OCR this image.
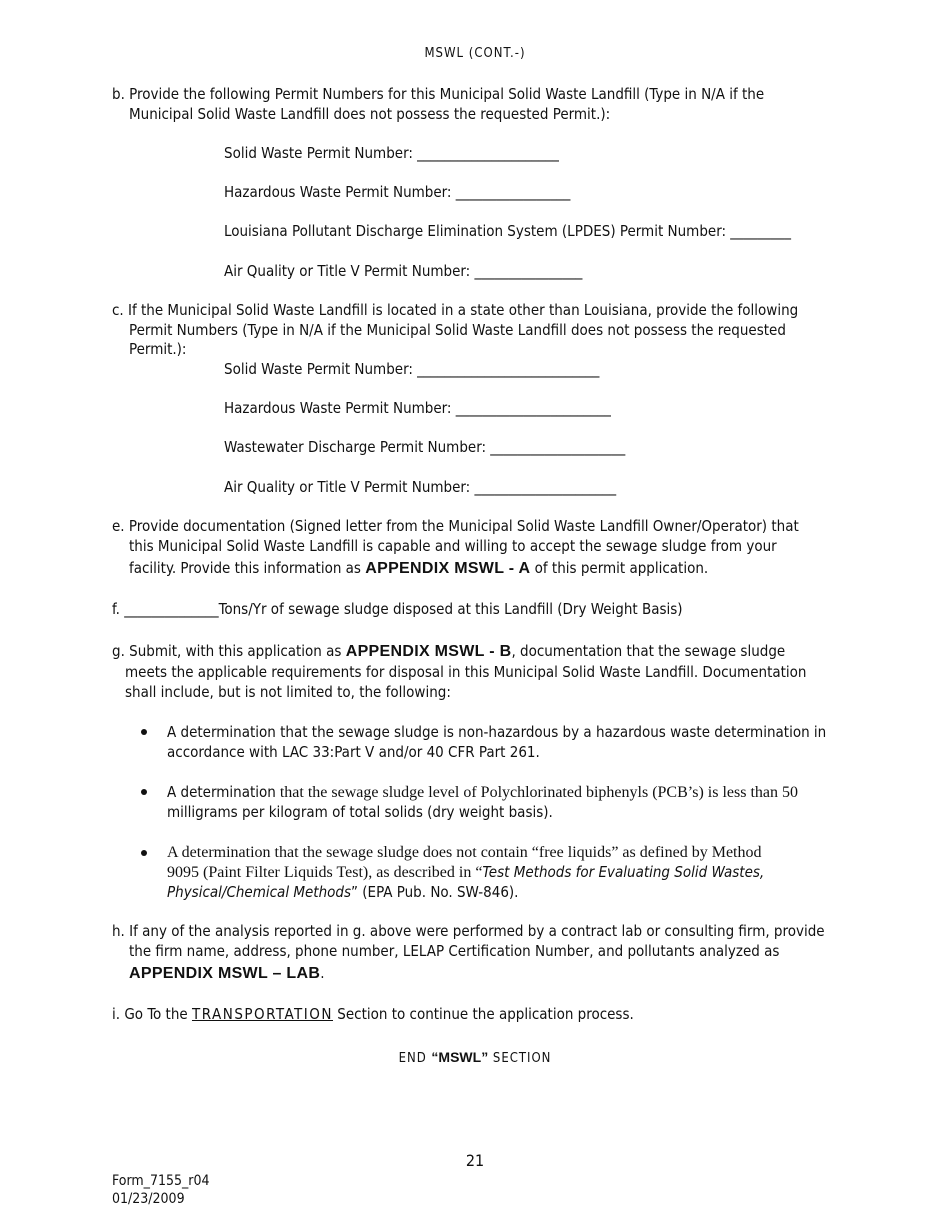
MSWL (CONT.-)
b. Provide the following Permit Numbers for this Municipal Solid Waste Landfill (Type in N/A if the
Municipal Solid Waste Landfill does not possess the requested Permit.):
Solid Waste Permit Number: _____________________
Hazardous Waste Permit Number: _________________
Louisiana Pollutant Discharge Elimination System (LPDES) Permit Number: _________
Air Quality or Title V Permit Number: ________________
c. If the Municipal Solid Waste Landfill is located in a state other than Louisiana, provide the following
Permit Numbers (Type in N/A if the Municipal Solid Waste Landfill does not possess the requested
Permit.):
Solid Waste Permit Number: ___________________________
Hazardous Waste Permit Number: _______________________
Wastewater Discharge Permit Number: ____________________
Air Quality or Title V Permit Number: _____________________
e. Provide documentation (Signed letter from the Municipal Solid Waste Landfill Owner/Operator) that
this Municipal Solid Waste Landfill is capable and willing to accept the sewage sludge from your
facility. Provide this information as APPENDIX MSWL - A of this permit application.
f. ______________Tons/Yr of sewage sludge disposed at this Landfill (Dry Weight Basis)
g. Submit, with this application as APPENDIX MSWL - B, documentation that the sewage sludge
meets the applicable requirements for disposal in this Municipal Solid Waste Landfill. Documentation
shall include, but is not limited to, the following:
A determination that the sewage sludge is non-hazardous by a hazardous waste determination in
accordance with LAC 33:Part V and/or 40 CFR Part 261.
A determination that the sewage sludge level of Polychlorinated biphenyls (PCB’s) is less than 50
milligrams per kilogram of total solids (dry weight basis).
A determination that the sewage sludge does not contain “free liquids” as defined by Method
9095 (Paint Filter Liquids Test), as described in “Test Methods for Evaluating Solid Wastes,
Physical/Chemical Methods” (EPA Pub. No. SW-846).
h. If any of the analysis reported in g. above were performed by a contract lab or consulting firm, provide
the firm name, address, phone number, LELAP Certification Number, and pollutants analyzed as
APPENDIX MSWL – LAB.
i. Go To the TRANSPORTATION Section to continue the application process.
END “MSWL” SECTION
21
Form_7155_r04
01/23/2009
